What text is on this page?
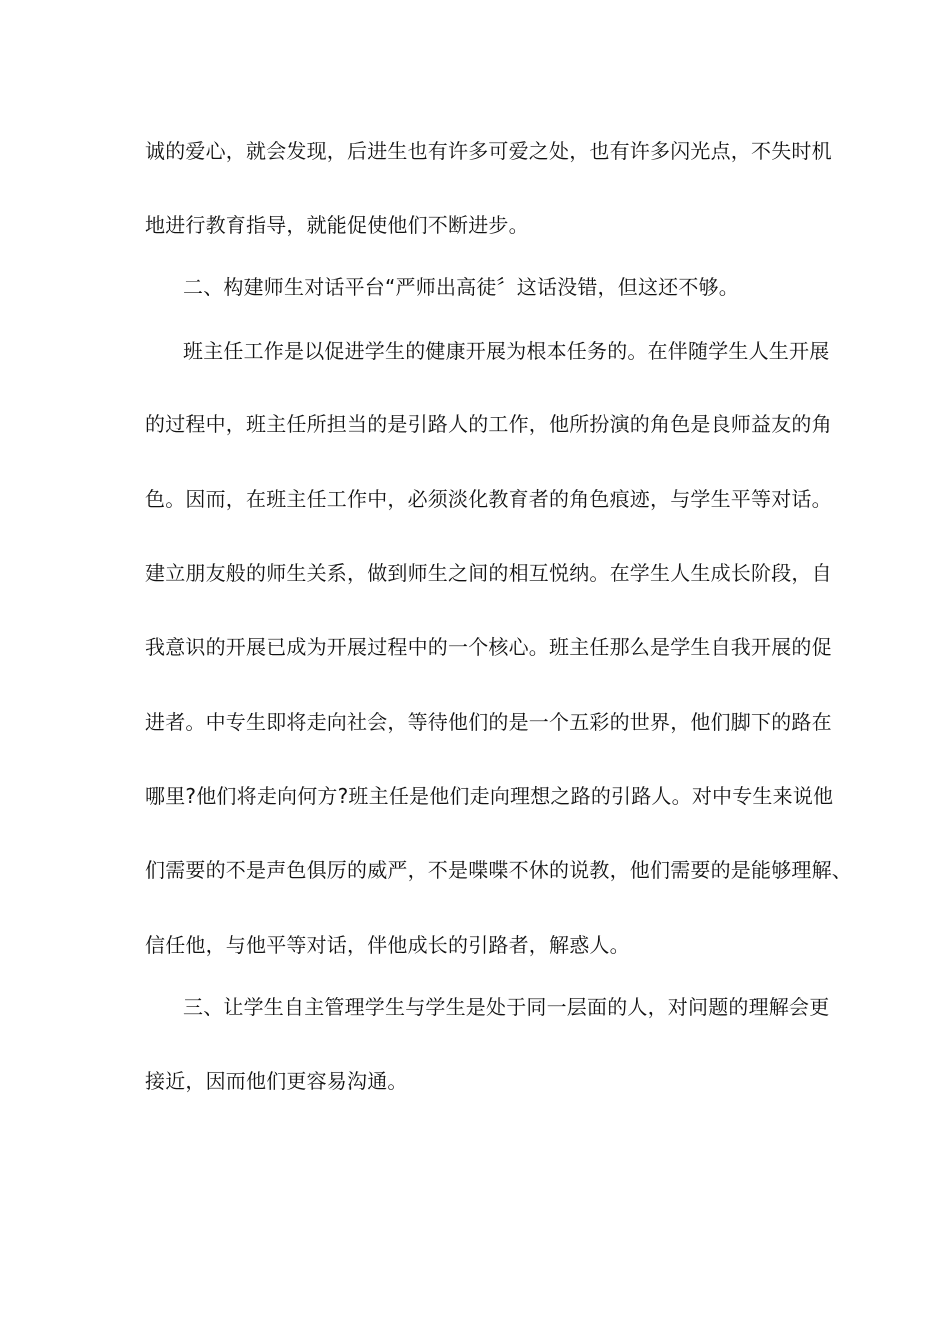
诚的爱心，就会发现，后进生也有许多可爱之处，也有许多闪光点，不失时机
地进行教育指导，就能促使他们不断进步。
二、构建师生对话平台“严师出高徒〞这话没错，但这还不够。
班主任工作是以促进学生的健康开展为根本任务的。在伴随学生人生开展
的过程中，班主任所担当的是引路人的工作，他所扮演的角色是良师益友的角
色。因而，在班主任工作中，必须淡化教育者的角色痕迹，与学生平等对话。
建立朋友般的师生关系，做到师生之间的相互悦纳。在学生人生成长阶段，自
我意识的开展已成为开展过程中的一个核心。班主任那么是学生自我开展的促
进者。中专生即将走向社会，等待他们的是一个五彩的世界，他们脚下的路在
哪里?他们将走向何方?班主任是他们走向理想之路的引路人。对中专生来说他
们需要的不是声色俱厉的威严，不是喋喋不休的说教，他们需要的是能够理解、
信任他，与他平等对话，伴他成长的引路者，解惑人。
三、让学生自主管理学生与学生是处于同一层面的人，对问题的理解会更
接近，因而他们更容易沟通。
